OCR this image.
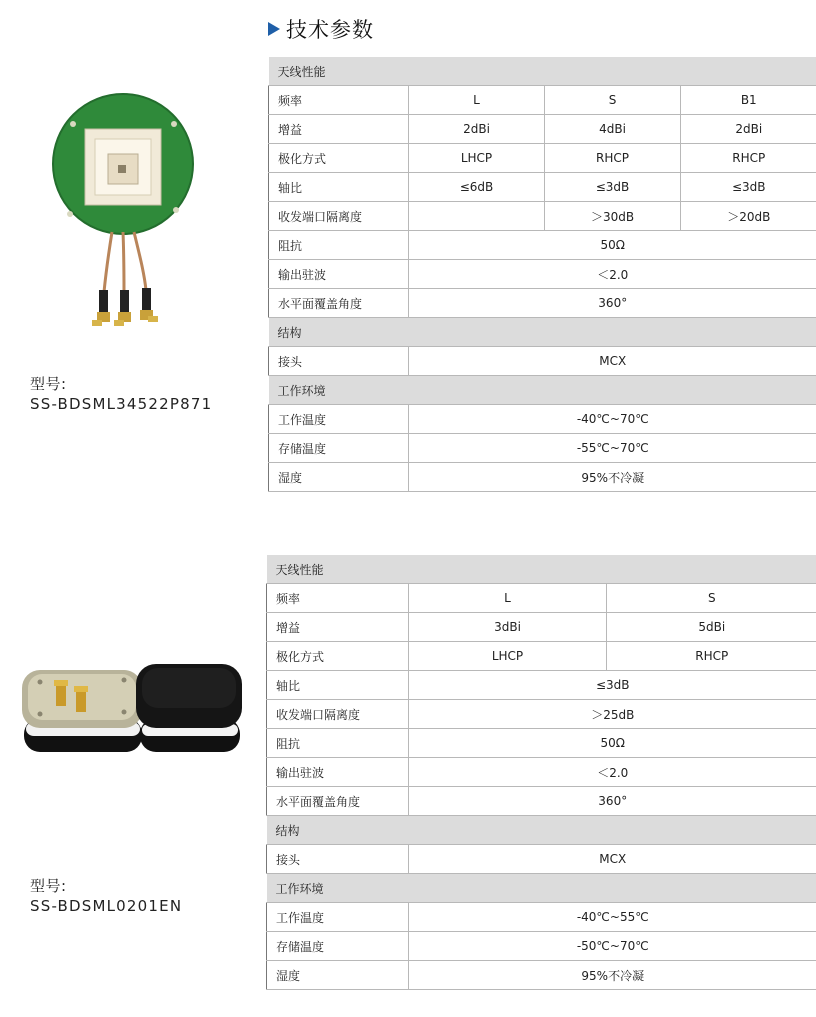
技术参数
型号:
SS-BDSML34522P871
天线性能			
频率	L	S	B1
增益	2dBi	4dBi	2dBi
极化方式	LHCP	RHCP	RHCP
轴比	≤6dB	≤3dB	≤3dB
收发端口隔离度		＞30dB	＞20dB
阻抗	50Ω		
输出驻波	＜2.0		
水平面覆盖角度	360°		
结构			
接头	MCX		
工作环境			
工作温度	-40℃~70℃		
存储温度	-55℃~70℃		
湿度	95%不冷凝		
型号:
SS-BDSML0201EN
天线性能		
频率	L	S
增益	3dBi	5dBi
极化方式	LHCP	RHCP
轴比	≤3dB	
收发端口隔离度	＞25dB	
阻抗	50Ω	
输出驻波	＜2.0	
水平面覆盖角度	360°	
结构		
接头	MCX	
工作环境		
工作温度	-40℃~55℃	
存储温度	-50℃~70℃	
湿度	95%不冷凝	
